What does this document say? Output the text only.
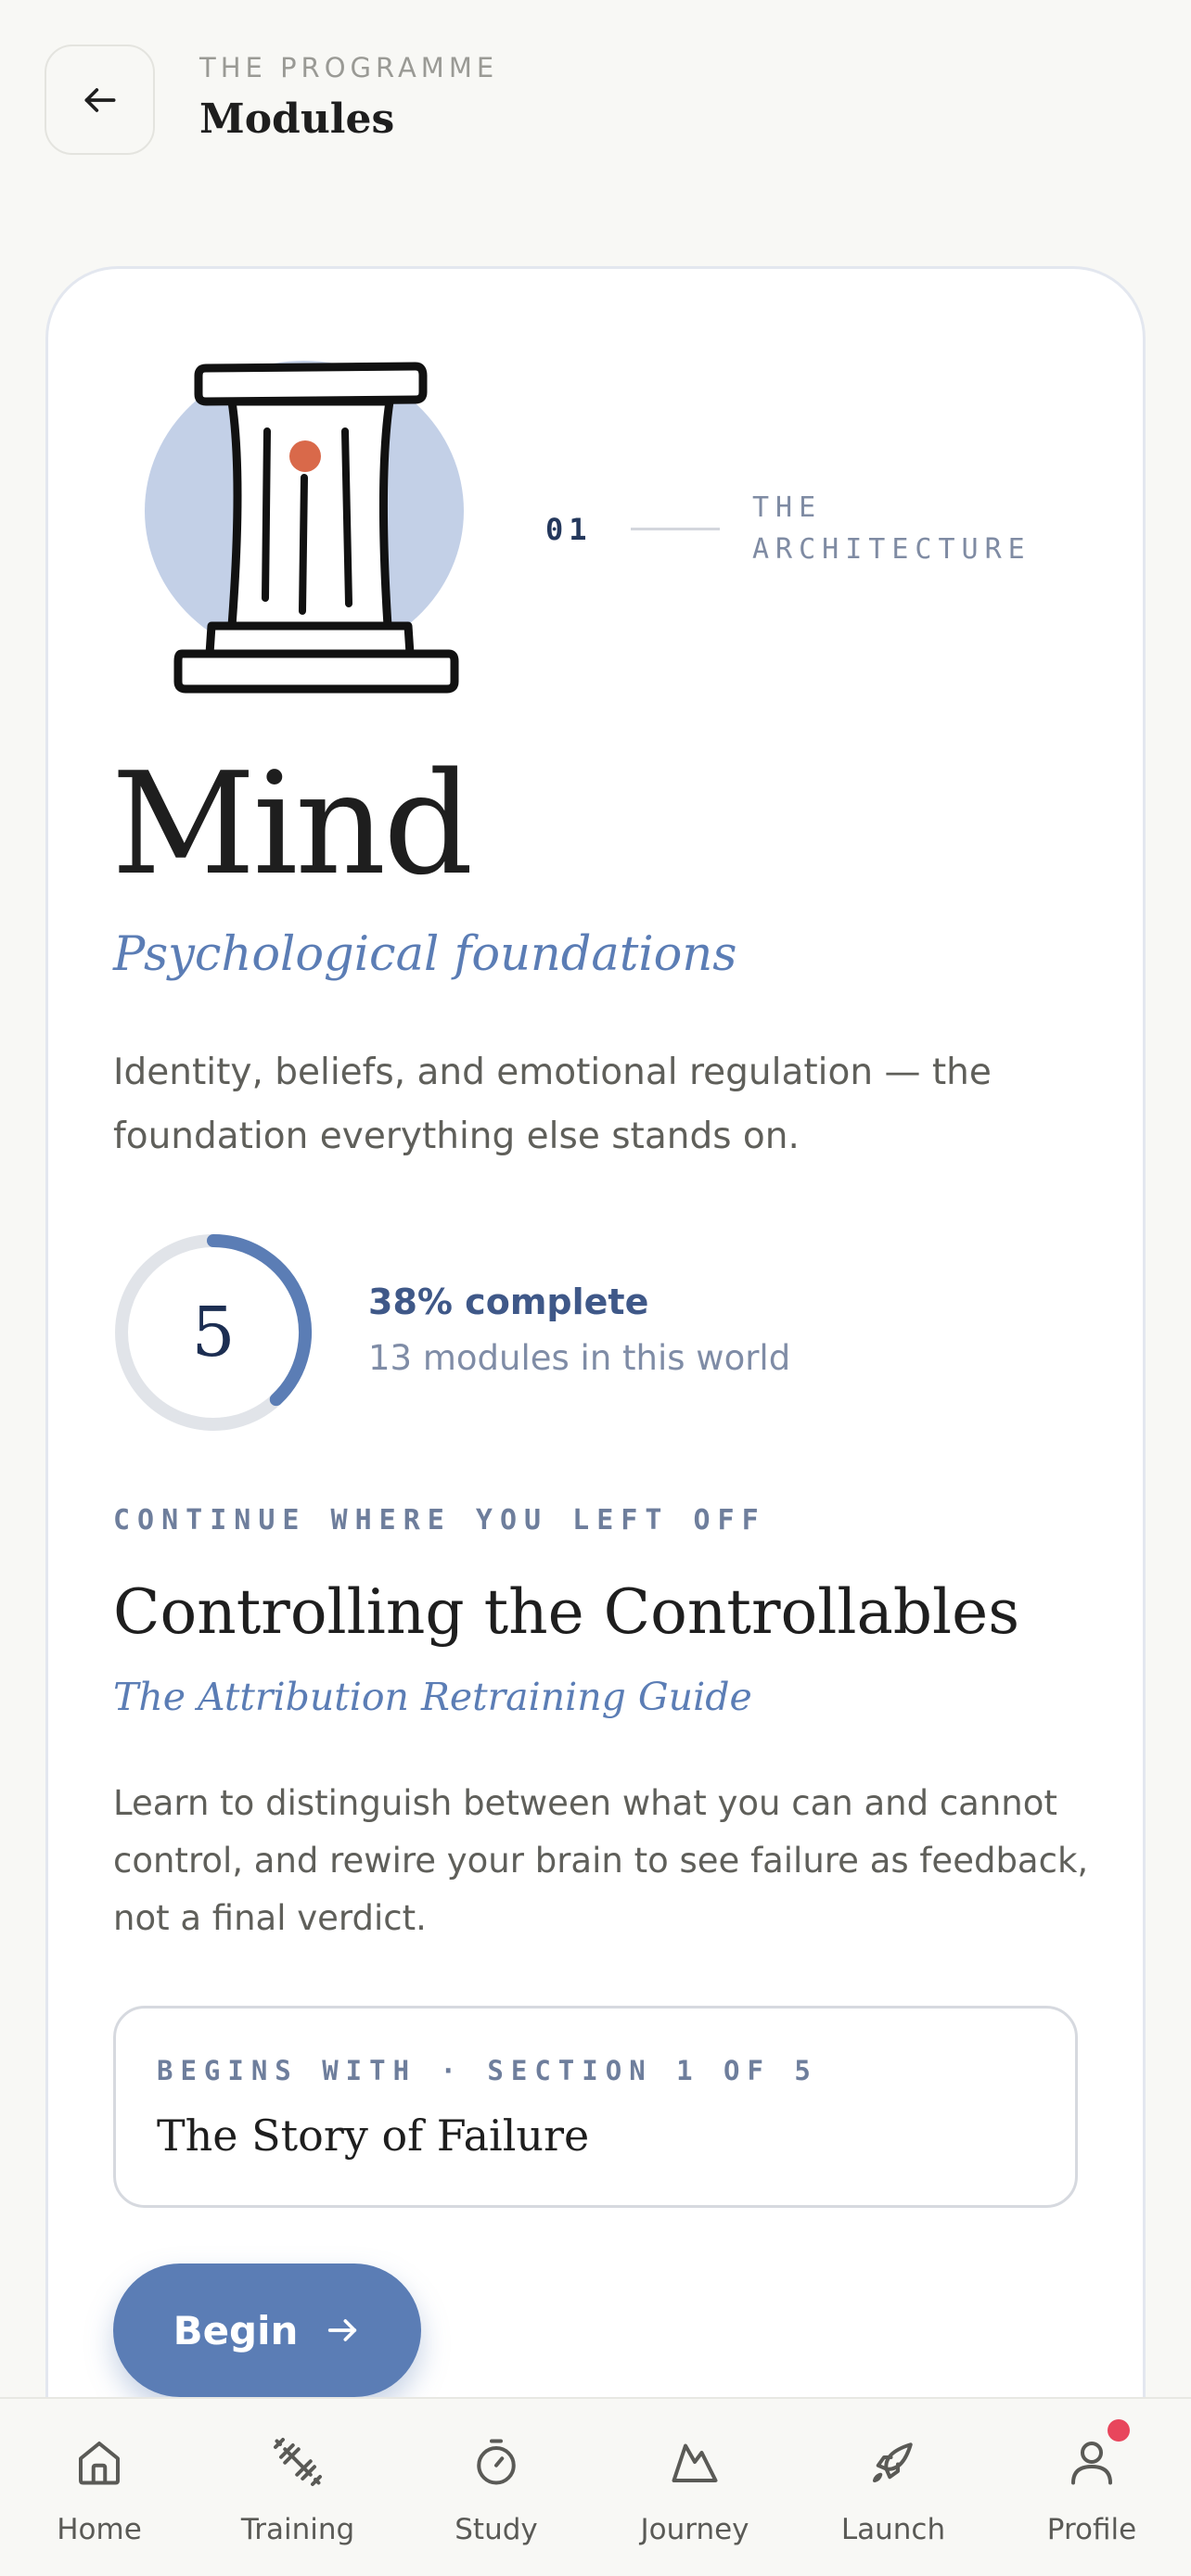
THE PROGRAMME
Modules
01
THE ARCHITECTURE
Mind
Psychological foundations
Identity, beliefs, and emotional regulation — the foundation everything else stands on.
5	38% complete
13 modules in this world
CONTINUE WHERE YOU LEFT OFF
Controlling the Controllables
The Attribution Retraining Guide
Learn to distinguish between what you can and cannot control, and rewire your brain to see failure as feedback, not a final verdict.
BEGINS WITH · SECTION 1 OF 5
The Story of Failure
Begin
Home	Training	Study	Journey	Launch	Profile
